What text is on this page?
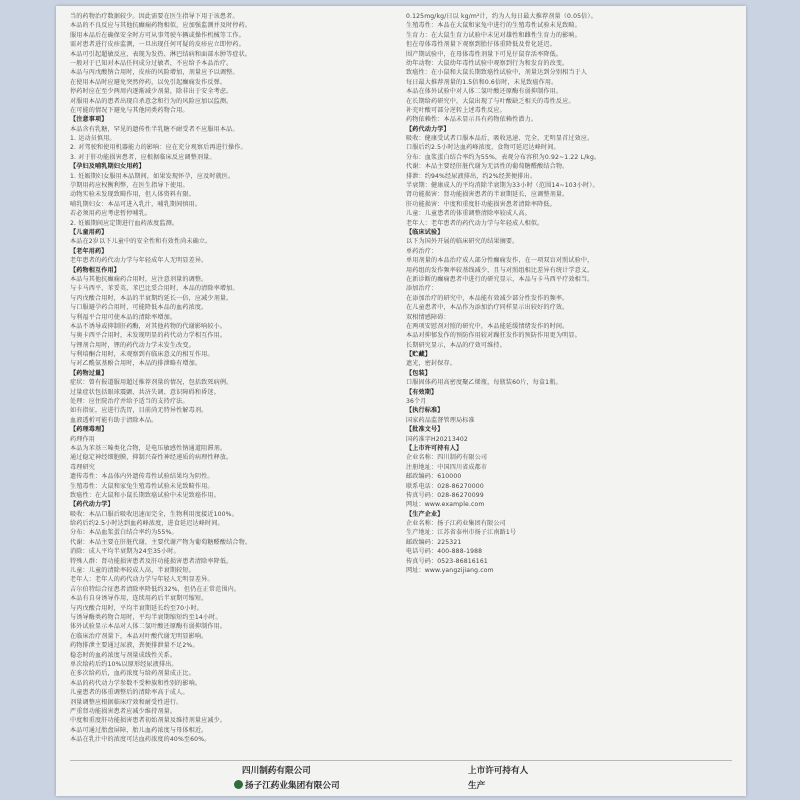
当的药物治疗数据较少。因此需要在医生指导下用于该患者。
本品的不良反应与其他抗癫痫药物相似，应加强监测并及时停药。
服用本品后在确保安全时方可从事驾驶车辆或操作机械等工作。
需对患者进行皮疹监测，一旦出现任何可疑的皮疹应立即停药。
本品可引起超敏反应，表现为发热、淋巴结病和面部水肿等症状。
一般对于已知对本品任何成分过敏者，不应给予本品治疗。
本品与丙戊酸钠合用时，皮疹的风险增加，剂量应予以调整。
在使用本品时应避免突然停药，以免引起癫痫发作反弹。
停药时应在至少两周内逐渐减少剂量，除非出于安全考虑。
对服用本品的患者出现自杀意念和行为的风险应加以监测。
在可能的情况下避免与其他同类药物合用。
【注意事项】
本品含有乳糖，罕见的遗传性半乳糖不耐受者不应服用本品。
1. 运动员慎用。
2. 对驾驶和使用机器能力的影响：应在充分观察后再进行操作。
3. 对于肝功能损害患者，应根据临床反应调整剂量。
【孕妇及哺乳期妇女用药】
1. 妊娠期妇女服用本品期间，如果发现怀孕，应及时就医。
孕期用药应权衡利弊，在医生指导下使用。
动物实验未发现致畸作用，但人体资料有限。
哺乳期妇女：本品可进入乳汁，哺乳期间慎用。
若必须用药应考虑暂停哺乳。
2. 妊娠期间应定期进行血药浓度监测。
【儿童用药】
本品在2岁以下儿童中的安全性和有效性尚未确立。
【老年用药】
老年患者的药代动力学与年轻成年人无明显差异。
【药物相互作用】
本品与其他抗癫痫药合用时，应注意剂量的调整。
与卡马西平、苯妥英、苯巴比妥合用时，本品的清除率增加。
与丙戊酸合用时，本品的半衰期约延长一倍，应减少剂量。
与口服避孕药合用时，可能降低本品的血药浓度。
与利福平合用可使本品的清除率增加。
本品不诱导或抑制肝药酶，对其他药物的代谢影响较小。
与奥卡西平合用时，未发现明显的药代动力学相互作用。
与锂剂合用时，锂的药代动力学未发生改变。
与利培酮合用时，未观察到有临床意义的相互作用。
与对乙酰氨基酚合用时，本品的排泄略有增加。
【药物过量】
症状：曾有报道服用超过推荐剂量的情况，包括致死病例。
过量症状包括眼球震颤、共济失调、意识障碍和昏迷。
处理：应住院治疗并给予适当的支持疗法。
如有指征，应进行洗胃，目前尚无特异性解毒剂。
血液透析可能有助于清除本品。
【药理毒理】
药理作用
本品为苯基三嗪类化合物，是电压敏感性钠通道阻滞剂。
通过稳定神经细胞膜，抑制兴奋性神经递质的病理性释放。
毒理研究
遗传毒性：本品体内外遗传毒性试验结果均为阴性。
生殖毒性：大鼠和家兔生殖毒性试验未见致畸作用。
致癌性：在大鼠和小鼠长期致癌试验中未见致癌作用。
【药代动力学】
吸收：本品口服后吸收迅速而完全，生物利用度接近100%。
给药后约2.5小时达到血药峰浓度，进食延迟达峰时间。
分布：本品血浆蛋白结合率约为55%。
代谢：本品主要在肝脏代谢，主要代谢产物为葡萄糖醛酸结合物。
消除：成人平均半衰期为24至35小时。
特殊人群：肾功能损害患者及肝功能损害患者清除率降低。
儿童：儿童的清除率较成人高，半衰期较短。
老年人：老年人的药代动力学与年轻人无明显差异。
吉尔伯特综合征患者清除率降低约32%，但仍在正常范围内。
本品有自身诱导作用，连续用药后半衰期可缩短。
与丙戊酸合用时，平均半衰期延长约至70小时。
与诱导酶类药物合用时，平均半衰期缩短约至14小时。
体外试验显示本品对人体二氢叶酸还原酶有弱抑制作用。
在临床治疗剂量下，本品对叶酸代谢无明显影响。
药物排泄主要通过尿液，粪便排泄量不足2%。
稳态时的血药浓度与剂量成线性关系。
单次给药后约10%以原形经尿液排出。
在多次给药后，血药浓度与给药剂量成正比。
本品的药代动力学参数不受种族和性别的影响。
儿童患者的体重调整后的清除率高于成人。
剂量调整应根据临床疗效和耐受性进行。
严重肾功能损害患者应减少维持剂量。
中度和重度肝功能损害患者初始剂量及维持剂量应减少。
本品可通过胎盘屏障，胎儿血药浓度与母体相近。
本品在乳汁中的浓度可达血药浓度的40%至60%。
0.125mg/kg/日以 kg/m²计，约为人每日最大推荐剂量（0.05倍）。
生殖毒性：本品在大鼠和家兔中进行的生殖毒性试验未见致畸。
生育力：在大鼠生育力试验中未见对雄性和雌性生育力的影响。
但在母体毒性剂量下观察到胎仔体重降低及骨化延迟。
围产期试验中，在母体毒性剂量下可见仔鼠存活率降低。
幼年动物：大鼠幼年毒性试验中观察到行为和发育的改变。
致癌性：在小鼠和大鼠长期致癌性试验中，剂量达到分别相当于人
每日最大推荐剂量的1.5倍和0.6倍时，未见致癌作用。
本品在体外试验中对人体二氢叶酸还原酶有弱抑制作用。
在长期给药研究中，大鼠出现了与叶酸缺乏相关的毒性反应。
补充叶酸可部分逆转上述毒性反应。
药物依赖性：本品未显示具有药物依赖性潜力。
【药代动力学】
吸收：健康受试者口服本品后，吸收迅速、完全，无明显首过效应。
口服后约2.5小时达血药峰浓度，食物可延迟达峰时间。
分布：血浆蛋白结合率约为55%，表观分布容积为0.92~1.22 L/kg。
代谢：本品主要经肝脏代谢为无活性的葡萄糖醛酸结合物。
排泄：约94%经尿液排出，约2%经粪便排出。
半衰期：健康成人的平均消除半衰期为33小时（范围14~103小时）。
肾功能损害：肾功能损害患者的半衰期延长，应调整剂量。
肝功能损害：中度和重度肝功能损害患者清除率降低。
儿童：儿童患者的体重调整清除率较成人高。
老年人：老年患者的药代动力学与年轻成人相似。
【临床试验】
以下为国外开展的临床研究的结果摘要。
单药治疗：
单用剂量的本品治疗成人部分性癫痫发作，在一项双盲对照试验中，
用药组的发作频率较基线减少，且与对照组相比差异有统计学意义。
在新诊断的癫痫患者中进行的研究显示，本品与卡马西平疗效相当。
添加治疗：
在添加治疗的研究中，本品能有效减少部分性发作的频率。
在儿童患者中，本品作为添加治疗同样显示出较好的疗效。
双相情感障碍：
在两项安慰剂对照的研究中，本品能延缓情绪发作的时间。
本品对抑郁发作的预防作用较对躁狂发作的预防作用更为明显。
长期研究显示，本品的疗效可维持。
【贮藏】
遮光，密封保存。
【包装】
口服固体药用高密度聚乙烯瓶，每瓶装60片，每盒1瓶。
【有效期】
36个月
【执行标准】
国家药品监督管理局标准
【批准文号】
国药准字H20213402
【上市许可持有人】
企业名称：四川制药有限公司
注册地址：中国四川省成都市
邮政编码：610000
联系电话：028-86270000
传真号码：028-86270099
网址：www.example.com
【生产企业】
企业名称：扬子江药业集团有限公司
生产地址：江苏省泰州市扬子江南路1号
邮政编码：225321
电话号码：400-888-1988
传真号码：0523-86816161
网址：www.yangzijiang.com
四川制药有限公司	上市许可持有人
扬子江药业集团有限公司	生产
